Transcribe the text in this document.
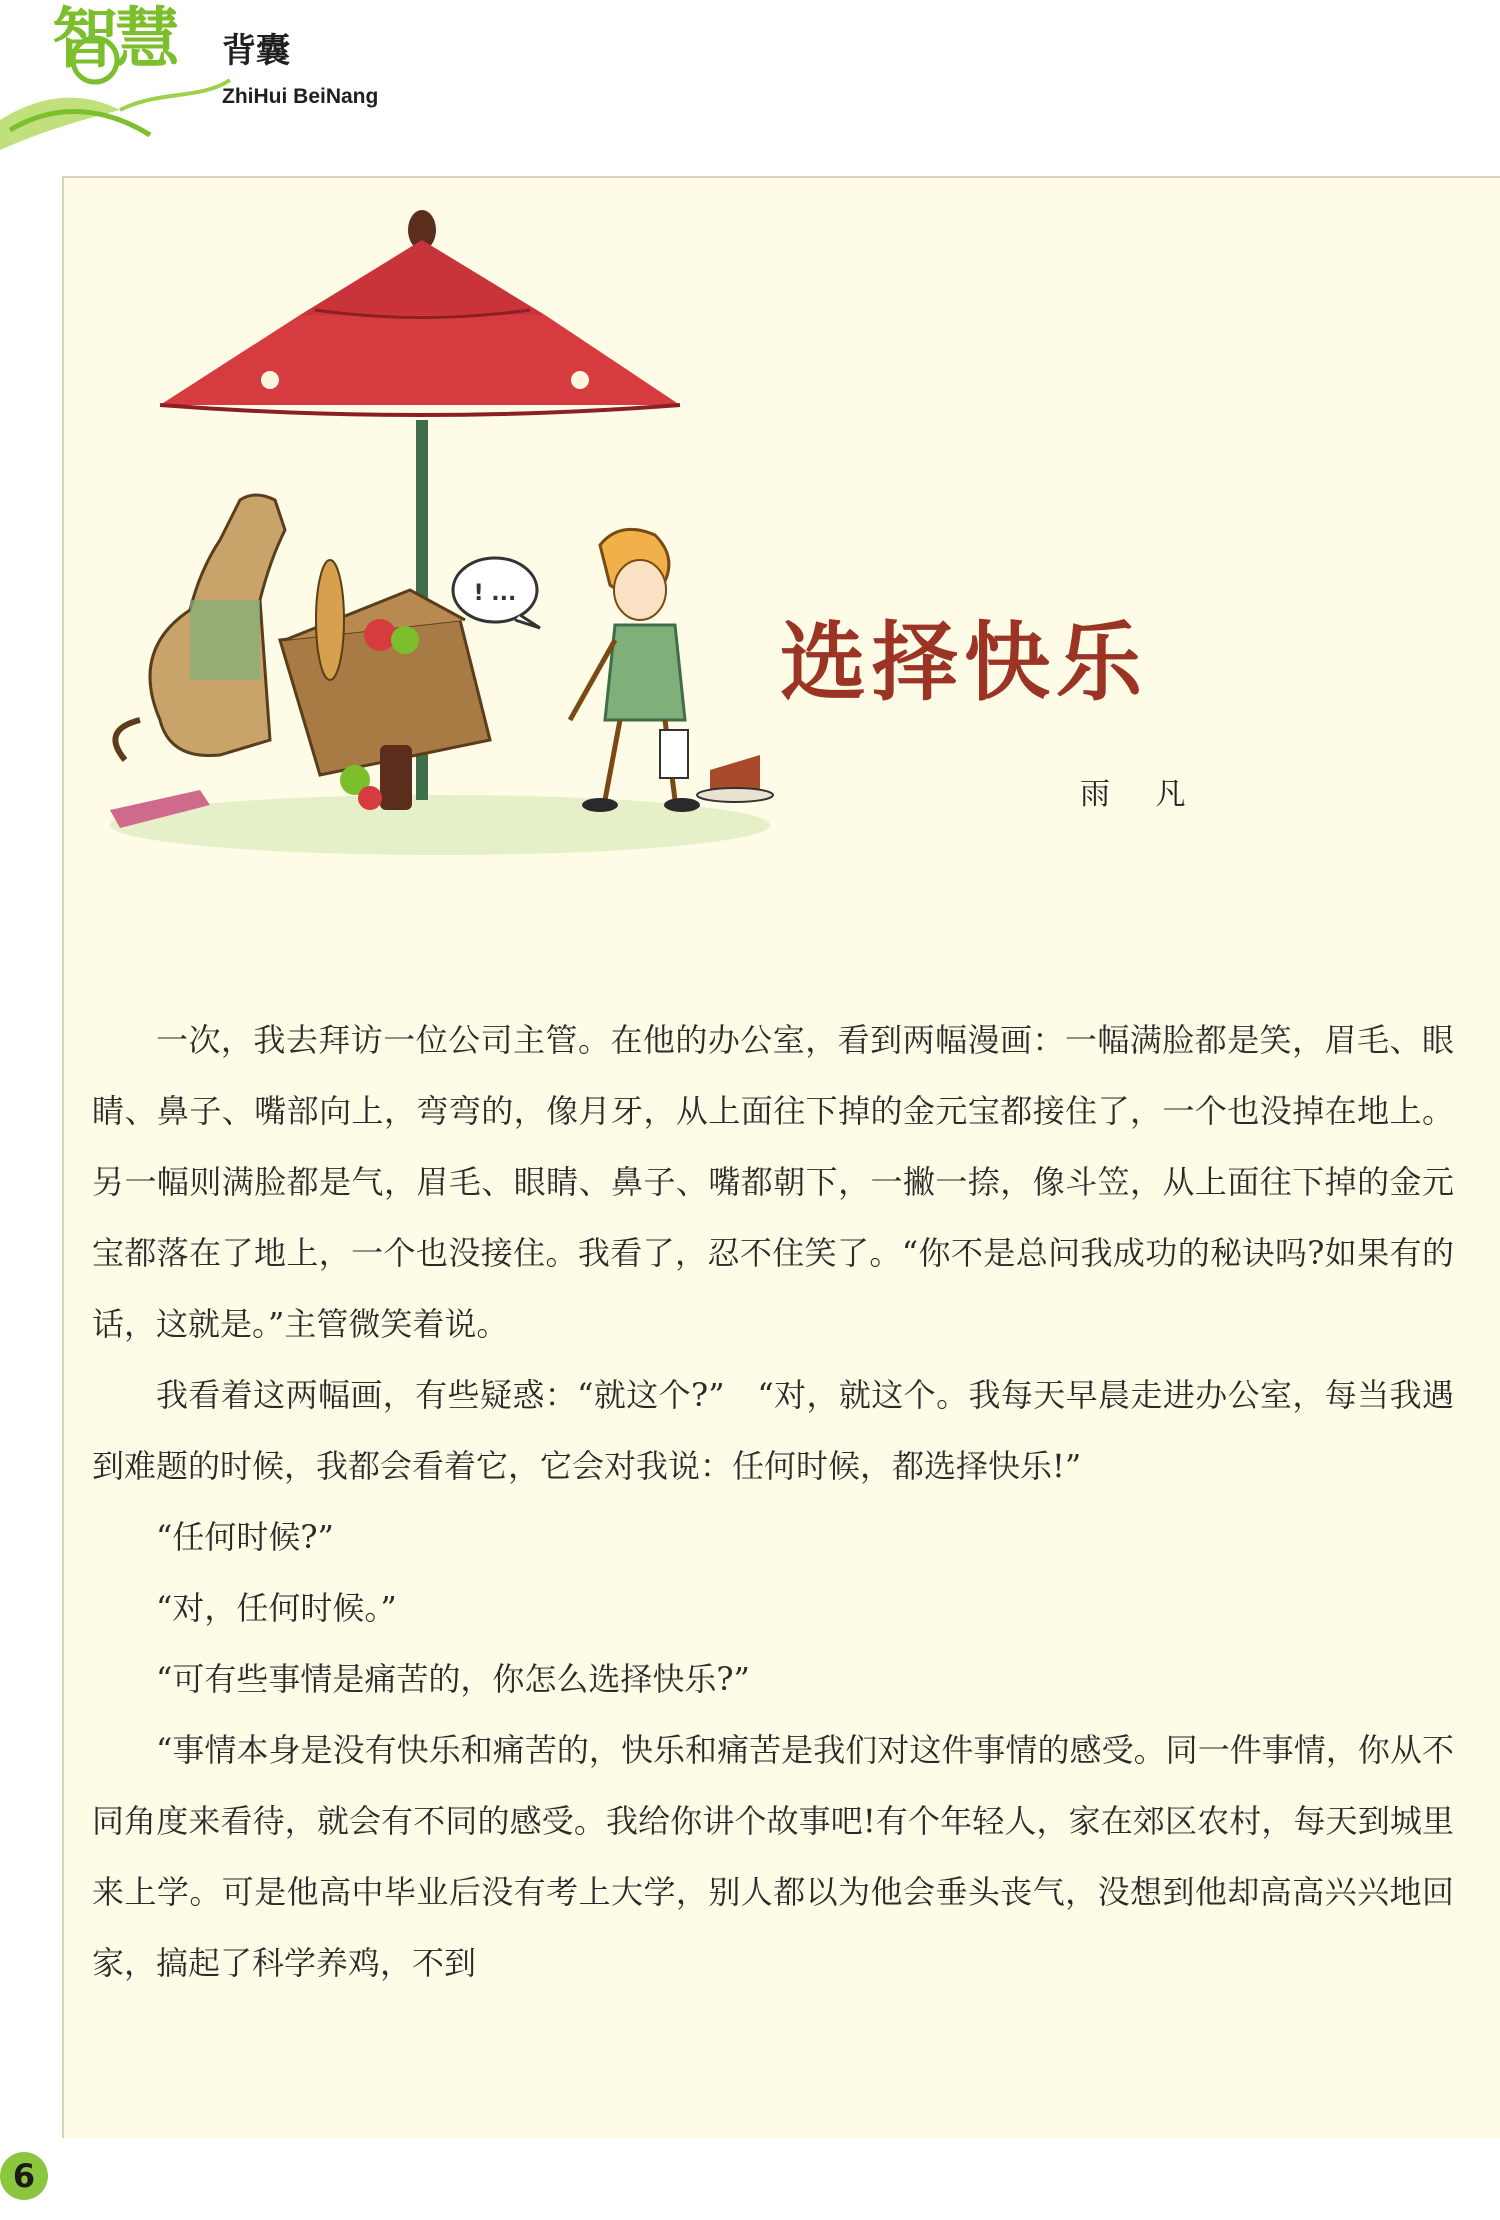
智慧 背囊
ZhiHui BeiNang
! ...
选择快乐
雨 凡

一次，我去拜访一位公司主管。在他的办公室，看到两幅漫画：一幅满脸都是笑，眉毛、眼睛、鼻子、嘴部向上，弯弯的，像月牙，从上面往下掉的金元宝都接住了，一个也没掉在地上。另一幅则满脸都是气，眉毛、眼睛、鼻子、嘴都朝下，一撇一捺，像斗笠，从上面往下掉的金元宝都落在了地上，一个也没接住。我看了，忍不住笑了。“你不是总问我成功的秘诀吗?如果有的话，这就是。”主管微笑着说。

我看着这两幅画，有些疑惑：“就这个?”　“对，就这个。我每天早晨走进办公室，每当我遇到难题的时候，我都会看着它，它会对我说：任何时候，都选择快乐!”

“任何时候?”

“对，任何时候。”

“可有些事情是痛苦的，你怎么选择快乐?”

“事情本身是没有快乐和痛苦的，快乐和痛苦是我们对这件事情的感受。同一件事情，你从不同角度来看待，就会有不同的感受。我给你讲个故事吧!有个年轻人，家在郊区农村，每天到城里来上学。可是他高中毕业后没有考上大学，别人都以为他会垂头丧气，没想到他却高高兴兴地回家，搞起了科学养鸡，不到

6
